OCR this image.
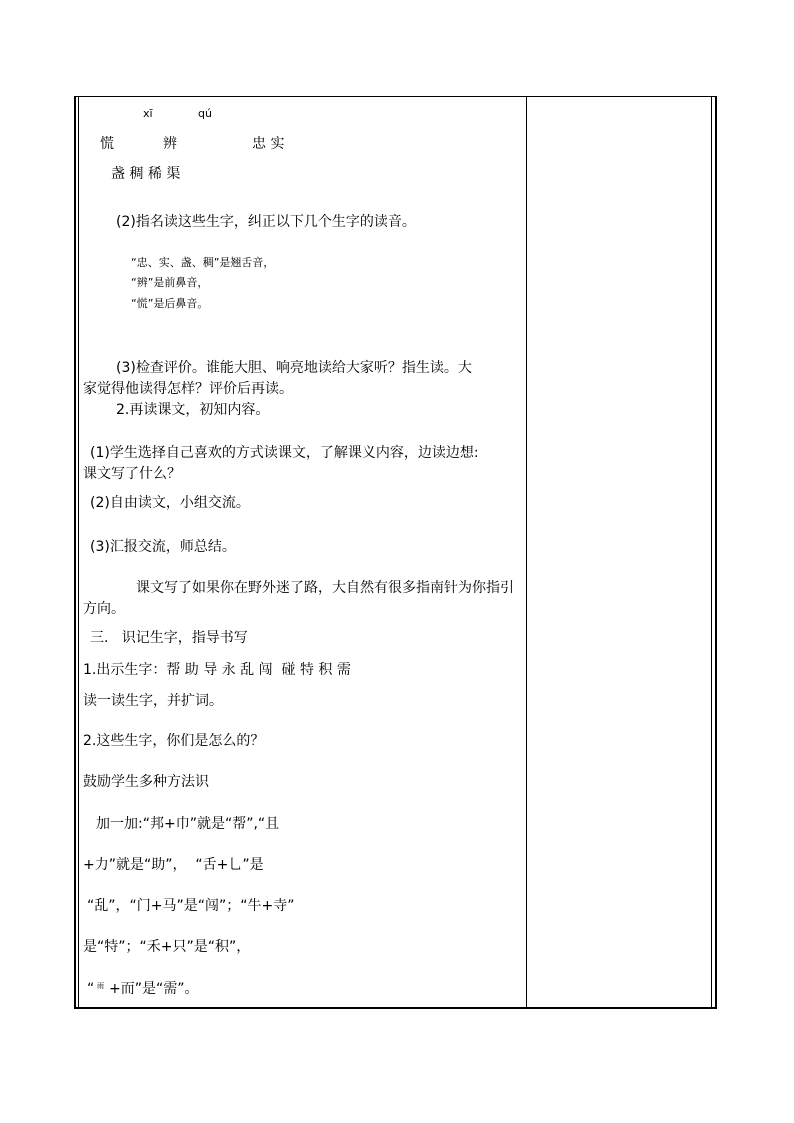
xī	qú
慌	辨	忠 实
盏 稠 稀 渠
(2)指名读这些生字，纠正以下几个生字的读音。
“忠、实、盏、稠”是翘舌音，
“辨”是前鼻音，
“慌”是后鼻音。
(3)检查评价。谁能大胆、响亮地读给大家听？指生读。大
家觉得他读得怎样？评价后再读。
2.再读课文，初知内容。
(1)学生选择自己喜欢的方式读课文，了解课义内容，边读边想:
课文写了什么？
(2)自由读文，小组交流。
(3)汇报交流，师总结。
课文写了如果你在野外迷了路，大自然有很多指南针为你指引
方向。
三.   识记生字，指导书写
1.出示生字：帮 助 导 永 乱 闯  碰 特 积 需
读一读生字，并扩词。
2.这些生字，你们是怎么的？
鼓励学生多种方法识
加一加:“邦+巾”就是“帮”,“且
+力”就是“助”，  “舌+乚”是
“乱”，“门+马”是“闯”；“牛+寺”
是“特”；“禾+只”是“积”，
“ 雨 +而”是“需”。
